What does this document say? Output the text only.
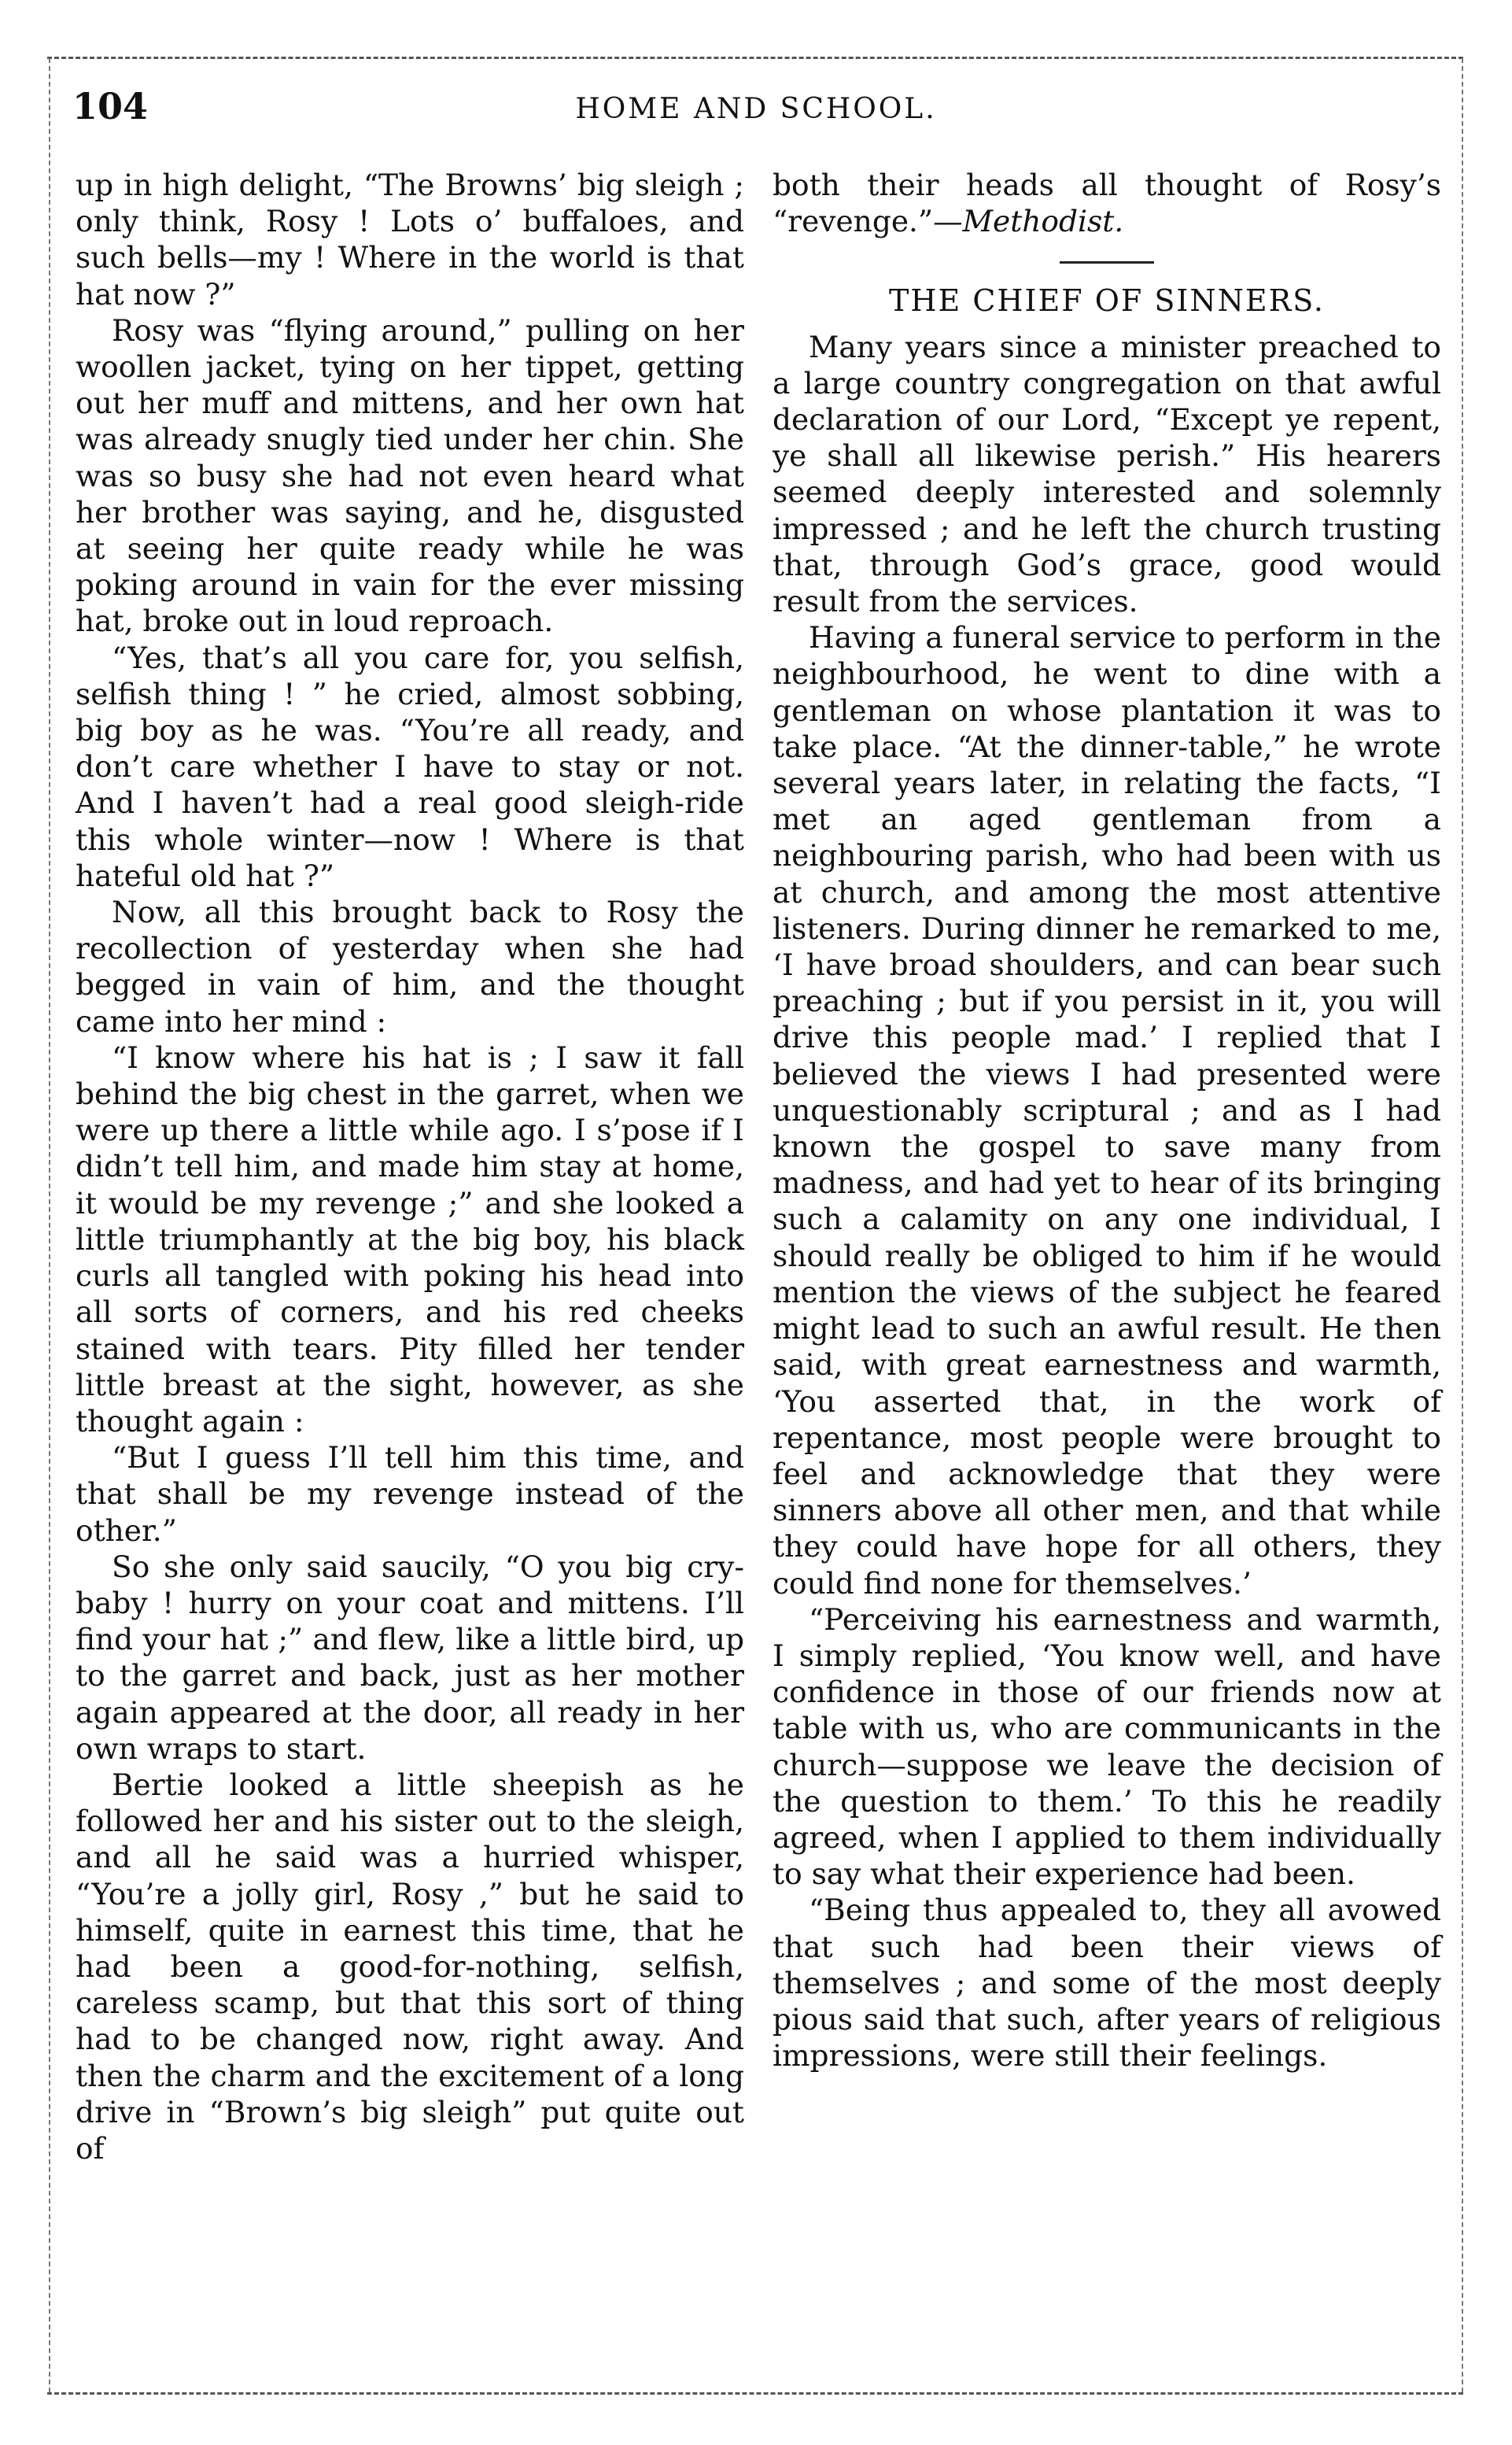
104	HOME AND SCHOOL.

up in high delight, “The Browns’ big sleigh ; only think, Rosy ! Lots o’ buffaloes, and such bells—my ! Where in the world is that hat now ?”

Rosy was “flying around,” pulling on her woollen jacket, tying on her tippet, getting out her muff and mittens, and her own hat was already snugly tied under her chin. She was so busy she had not even heard what her brother was saying, and he, disgusted at seeing her quite ready while he was poking around in vain for the ever missing hat, broke out in loud reproach.

“Yes, that’s all you care for, you selfish, selfish thing ! ” he cried, almost sobbing, big boy as he was. “You’re all ready, and don’t care whether I have to stay or not. And I haven’t had a real good sleigh-ride this whole winter—now ! Where is that hateful old hat ?”

Now, all this brought back to Rosy the recollection of yesterday when she had begged in vain of him, and the thought came into her mind :

“I know where his hat is ; I saw it fall behind the big chest in the garret, when we were up there a little while ago. I s’pose if I didn’t tell him, and made him stay at home, it would be my revenge ;” and she looked a little triumphantly at the big boy, his black curls all tangled with poking his head into all sorts of corners, and his red cheeks stained with tears. Pity filled her tender little breast at the sight, however, as she thought again :

“But I guess I’ll tell him this time, and that shall be my revenge instead of the other.”

So she only said saucily, “O you big cry-baby ! hurry on your coat and mittens. I’ll find your hat ;” and flew, like a little bird, up to the garret and back, just as her mother again appeared at the door, all ready in her own wraps to start.

Bertie looked a little sheepish as he followed her and his sister out to the sleigh, and all he said was a hurried whisper, “You’re a jolly girl, Rosy ,” but he said to himself, quite in earnest this time, that he had been a good-for-nothing, selfish, careless scamp, but that this sort of thing had to be changed now, right away. And then the charm and the excitement of a long drive in “Brown’s big sleigh” put quite out of

both their heads all thought of Rosy’s “revenge.”—Methodist.

THE CHIEF OF SINNERS.

Many years since a minister preached to a large country congregation on that awful declaration of our Lord, “Except ye repent, ye shall all likewise perish.” His hearers seemed deeply interested and solemnly impressed ; and he left the church trusting that, through God’s grace, good would result from the services.

Having a funeral service to perform in the neighbourhood, he went to dine with a gentleman on whose plantation it was to take place. “At the dinner-table,” he wrote several years later, in relating the facts, “I met an aged gentleman from a neighbouring parish, who had been with us at church, and among the most attentive listeners. During dinner he remarked to me, ‘I have broad shoulders, and can bear such preaching ; but if you persist in it, you will drive this people mad.’ I replied that I believed the views I had presented were unquestionably scriptural ; and as I had known the gospel to save many from madness, and had yet to hear of its bringing such a calamity on any one individual, I should really be obliged to him if he would mention the views of the subject he feared might lead to such an awful result. He then said, with great earnestness and warmth, ‘You asserted that, in the work of repentance, most people were brought to feel and acknowledge that they were sinners above all other men, and that while they could have hope for all others, they could find none for themselves.’

“Perceiving his earnestness and warmth, I simply replied, ‘You know well, and have confidence in those of our friends now at table with us, who are communicants in the church—suppose we leave the decision of the question to them.’ To this he readily agreed, when I applied to them individually to say what their experience had been.

“Being thus appealed to, they all avowed that such had been their views of themselves ; and some of the most deeply pious said that such, after years of religious impressions, were still their feelings.
